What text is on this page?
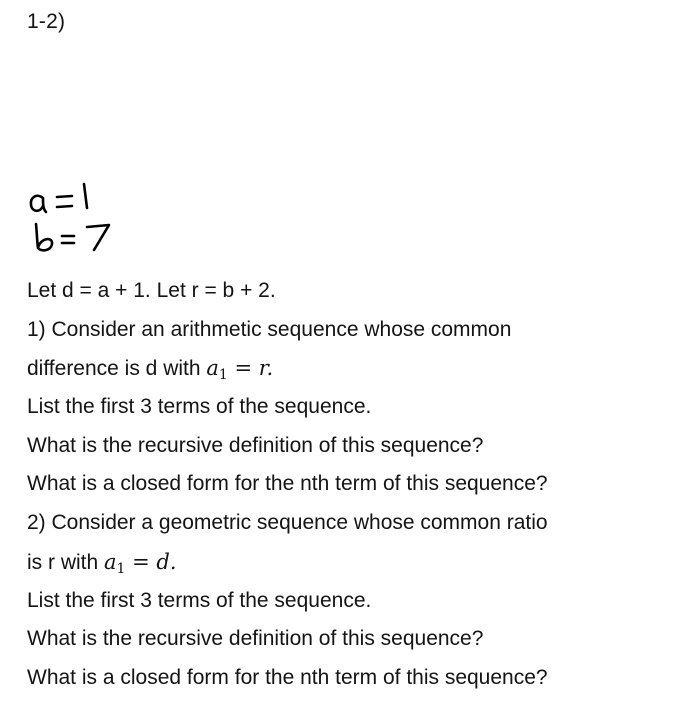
1-2)
Let d = a + 1. Let r = b + 2.
1) Consider an arithmetic sequence whose common
difference is d with $a_1 = r$.
List the first 3 terms of the sequence.
What is the recursive definition of this sequence?
What is a closed form for the nth term of this sequence?
2) Consider a geometric sequence whose common ratio
is r with $a_1 = d$.
List the first 3 terms of the sequence.
What is the recursive definition of this sequence?
What is a closed form for the nth term of this sequence?
